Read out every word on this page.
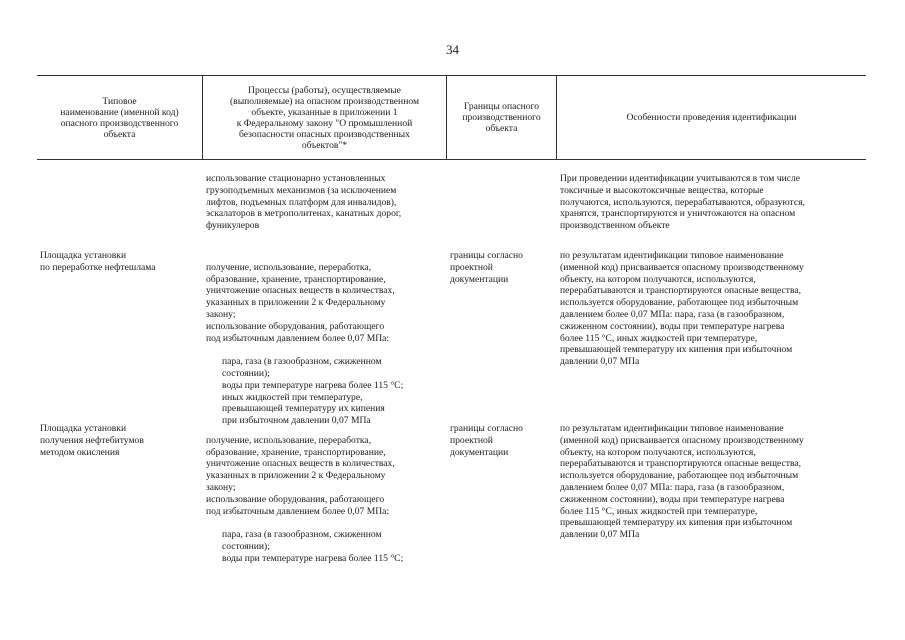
34
Типовое
наименование (именной код)
опасного производственного
объекта
Процессы (работы), осуществляемые
(выполняемые) на опасном производственном
объекте, указанные в приложении 1
к Федеральному закону "О промышленной
безопасности опасных производственных
объектов"*
Границы опасного
производственного
объекта
Особенности проведения идентификации
использование стационарно установленных
грузоподъемных механизмов (за исключением
лифтов, подъемных платформ для инвалидов),
эскалаторов в метрополитенах, канатных дорог,
фуникулеров
При проведении идентификации учитываются в том числе
токсичные и высокотоксичные вещества, которые
получаются, используются, перерабатываются, образуются,
хранятся, транспортируются и уничтожаются на опасном
производственном объекте
Площадка установки
по переработке нефтешлама	получение, использование, переработка,
образование, хранение, транспортирование,
уничтожение опасных веществ в количествах,
указанных в приложении 2 к Федеральному
закону;
использование оборудования, работающего
под избыточным давлением более 0,07 МПа:

пара, газа (в газообразном, сжиженном
состоянии);
воды при температуре нагрева более 115 °С;
иных жидкостей при температуре,
превышающей температуру их кипения
при избыточном давлении 0,07 МПа

границы согласно
проектной
документации
по результатам идентификации типовое наименование
(именной код) присваивается опасному производственному
объекту, на котором получаются, используются,
перерабатываются и транспортируются опасные вещества,
используется оборудование, работающее под избыточным
давлением более 0,07 МПа: пара, газа (в газообразном,
сжиженном состоянии), воды при температуре нагрева
более 115 °С, иных жидкостей при температуре,
превышающей температуру их кипения при избыточном
давлении 0,07 МПа
Площадка установки
получения нефтебитумов
методом окисления

получение, использование, переработка,
образование, хранение, транспортирование,
уничтожение опасных веществ в количествах,
указанных в приложении 2 к Федеральному
закону;
использование оборудования, работающего
под избыточным давлением более 0,07 МПа:

пара, газа (в газообразном, сжиженном
состоянии);
воды при температуре нагрева более 115 °С;

границы согласно
проектной
документации
по результатам идентификации типовое наименование
(именной код) присваивается опасному производственному
объекту, на котором получаются, используются,
перерабатываются и транспортируются опасные вещества,
используется оборудование, работающее под избыточным
давлением более 0,07 МПа: пара, газа (в газообразном,
сжиженном состоянии), воды при температуре нагрева
более 115 °С, иных жидкостей при температуре,
превышающей температуру их кипения при избыточном
давлении 0,07 МПа
